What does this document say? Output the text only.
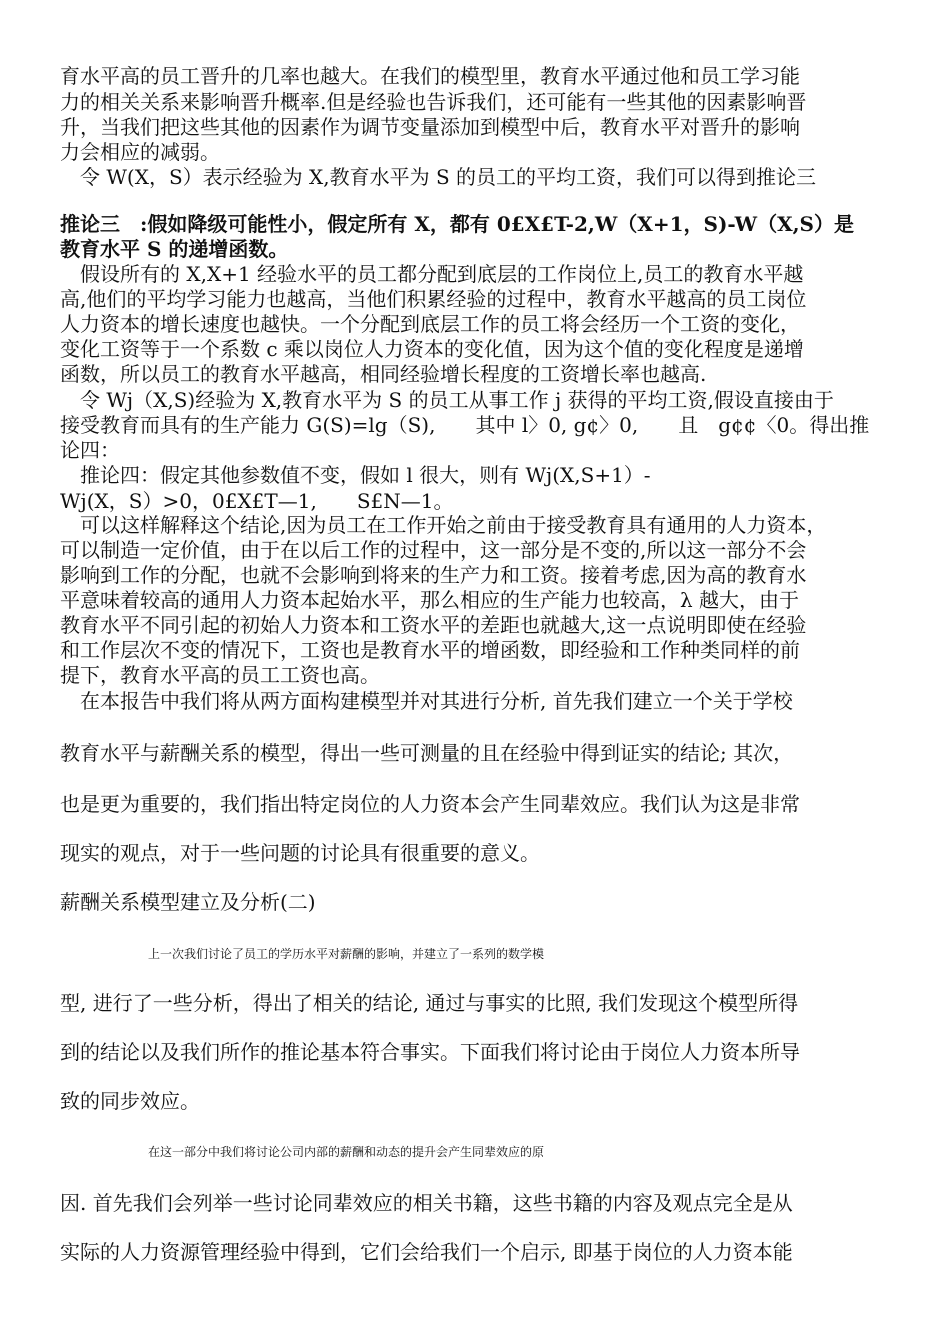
育水平高的员工晋升的几率也越大。在我们的模型里，教育水平通过他和员工学习能

力的相关关系来影响晋升概率.但是经验也告诉我们，还可能有一些其他的因素影响晋

升，当我们把这些其他的因素作为调节变量添加到模型中后，教育水平对晋升的影响

力会相应的减弱。

令 W(X，S）表示经验为 X,教育水平为 S 的员工的平均工资，我们可以得到推论三

推论三　:假如降级可能性小，假定所有 X，都有 0£X£T-2,W（X+1，S)-W（X,S）是

教育水平 S 的递增函数。

假设所有的 X,X+1 经验水平的员工都分配到底层的工作岗位上,员工的教育水平越

高,他们的平均学习能力也越高，当他们积累经验的过程中，教育水平越高的员工岗位

人力资本的增长速度也越快。一个分配到底层工作的员工将会经历一个工资的变化，

变化工资等于一个系数 c 乘以岗位人力资本的变化值，因为这个值的变化程度是递增

函数，所以员工的教育水平越高，相同经验增长程度的工资增长率也越高.

令 Wj（X,S)经验为 X,教育水平为 S 的员工从事工作 j 获得的平均工资,假设直接由于

接受教育而具有的生产能力 G(S)=lg（S),　　其中 l〉0, g¢〉0,　　且　g¢¢〈0。得出推

论四：

推论四：假定其他参数值不变，假如 l 很大，则有 Wj(X,S+1）-

Wj(X，S）>0，0£X£T—1,　　S£N—1。

可以这样解释这个结论,因为员工在工作开始之前由于接受教育具有通用的人力资本，

可以制造一定价值，由于在以后工作的过程中，这一部分是不变的,所以这一部分不会

影响到工作的分配，也就不会影响到将来的生产力和工资。接着考虑,因为高的教育水

平意味着较高的通用人力资本起始水平，那么相应的生产能力也较高，λ 越大，由于

教育水平不同引起的初始人力资本和工资水平的差距也就越大,这一点说明即使在经验

和工作层次不变的情况下，工资也是教育水平的增函数，即经验和工作种类同样的前

提下，教育水平高的员工工资也高。

在本报告中我们将从两方面构建模型并对其进行分析, 首先我们建立一个关于学校

教育水平与薪酬关系的模型，得出一些可测量的且在经验中得到证实的结论; 其次，

也是更为重要的，我们指出特定岗位的人力资本会产生同辈效应。我们认为这是非常

现实的观点，对于一些问题的讨论具有很重要的意义。

薪酬关系模型建立及分析(二)

上一次我们讨论了员工的学历水平对薪酬的影响，并建立了一系列的数学模

型, 进行了一些分析，得出了相关的结论, 通过与事实的比照, 我们发现这个模型所得

到的结论以及我们所作的推论基本符合事实。下面我们将讨论由于岗位人力资本所导

致的同步效应。

在这一部分中我们将讨论公司内部的薪酬和动态的提升会产生同辈效应的原

因. 首先我们会列举一些讨论同辈效应的相关书籍，这些书籍的内容及观点完全是从

实际的人力资源管理经验中得到，它们会给我们一个启示, 即基于岗位的人力资本能
